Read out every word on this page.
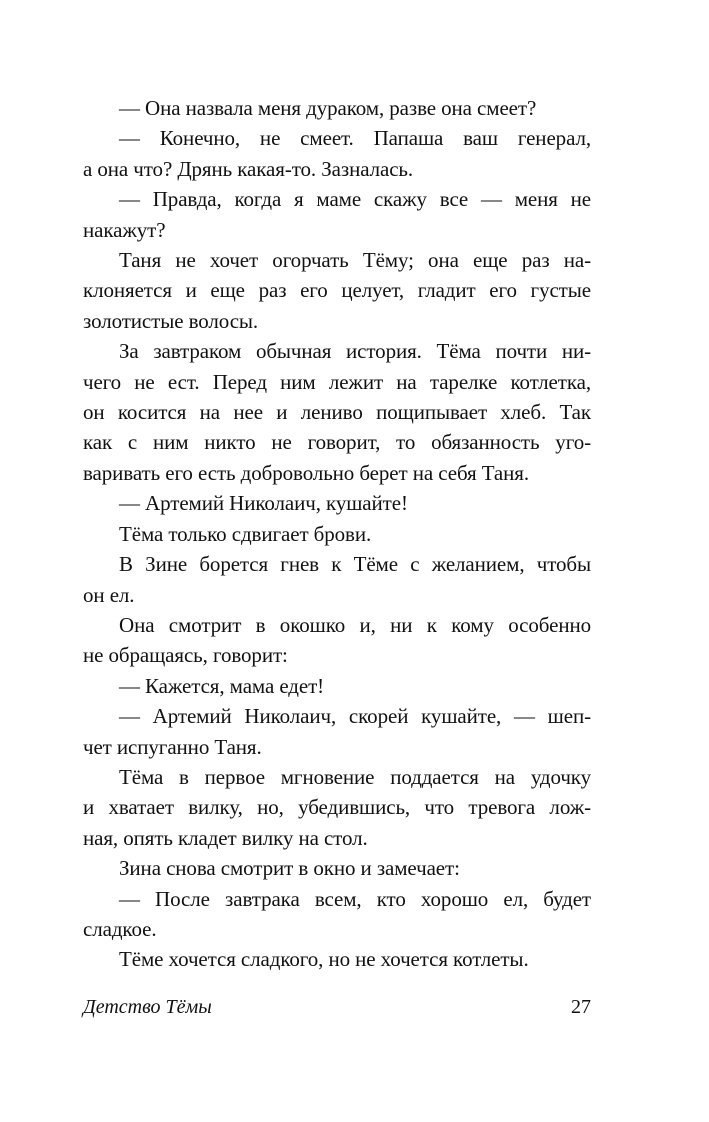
— Она назвала меня дураком, разве она смеет?
— Конечно, не смеет. Папаша ваш генерал,
а она что? Дрянь какая-то. Зазналась.
— Правда, когда я маме скажу все — меня не
накажут?
Таня не хочет огорчать Тёму; она еще раз на-
клоняется и еще раз его целует, гладит его густые
золотистые волосы.
За завтраком обычная история. Тёма почти ни-
чего не ест. Перед ним лежит на тарелке котлетка,
он косится на нее и лениво пощипывает хлеб. Так
как с ним никто не говорит, то обязанность уго-
варивать его есть добровольно берет на себя Таня.
— Артемий Николаич, кушайте!
Тёма только сдвигает брови.
В Зине борется гнев к Тёме с желанием, чтобы
он ел.
Она смотрит в окошко и, ни к кому особенно
не обращаясь, говорит:
— Кажется, мама едет!
— Артемий Николаич, скорей кушайте, — шеп-
чет испуганно Таня.
Тёма в первое мгновение поддается на удочку
и хватает вилку, но, убедившись, что тревога лож-
ная, опять кладет вилку на стол.
Зина снова смотрит в окно и замечает:
— После завтрака всем, кто хорошо ел, будет
сладкое.
Тёме хочется сладкого, но не хочется котлеты.
Детство Тёмы	27
